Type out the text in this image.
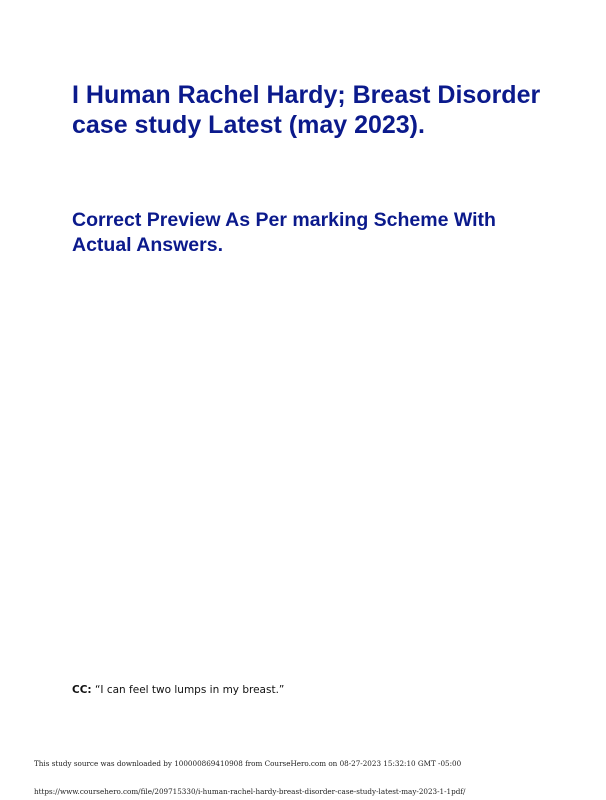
I Human Rachel Hardy; Breast Disorder case study Latest (may 2023).
Correct Preview As Per marking Scheme With Actual Answers.

CC: “I can feel two lumps in my breast.”

This study source was downloaded by 100000869410908 from CourseHero.com on 08-27-2023 15:32:10 GMT -05:00

https://www.coursehero.com/file/209715330/i-human-rachel-hardy-breast-disorder-case-study-latest-may-2023-1-1pdf/
